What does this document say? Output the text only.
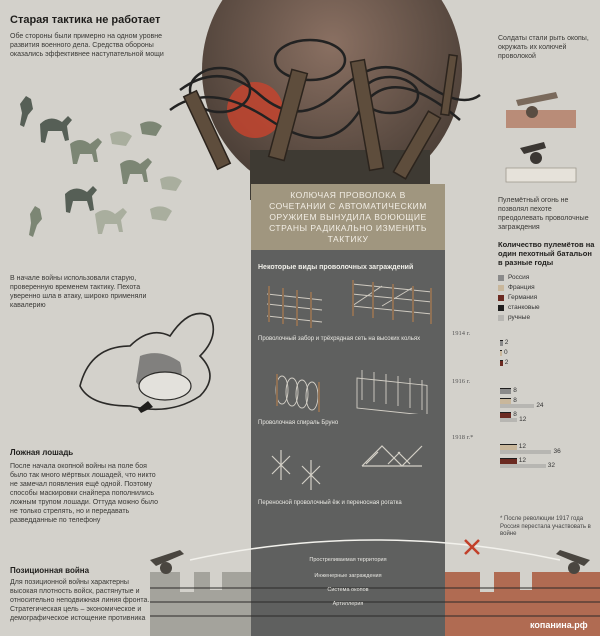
Старая тактика не работает
Обе стороны были примерно на одном уровне развития военного дела. Средства обороны оказались эффективнее наступательной мощи
В начале войны использовали старую, проверенную временем тактику. Пехота уверенно шла в атаку, широко применяли кавалерию
Ложная лошадь
После начала окопной войны на поле боя было так много мёртвых лошадей, что никто не замечал появления ещё одной. Поэтому способы маскировки снайпера пополнились ложным трупом лошади. Оттуда можно было не только стрелять, но и передавать разведданные по телефону
Позиционная война
Для позиционной войны характерны высокая плотность войск, растянутые и относительно неподвижная линия фронта. Стратегическая цель – экономическое и демографическое истощение противника
КОЛЮЧАЯ ПРОВОЛОКА В СОЧЕТАНИИ С АВТОМАТИЧЕСКИМ ОРУЖИЕМ ВЫНУДИЛА ВОЮЮЩИЕ СТРАНЫ РАДИКАЛЬНО ИЗМЕНИТЬ ТАКТИКУ
Некоторые виды проволочных заграждений
Проволочный забор и трёхрядная сеть на высоких кольях
Проволочная спираль Бруно
Переносной проволочный ёж и переносная рогатка
Солдаты стали рыть окопы, окружать их колючей проволокой
Пулемётный огонь не позволял пехоте преодолевать проволочные заграждения
Количество пулемётов на один пехотный батальон в разные годы
Россия
Франция
Германия
станковые
ручные
1914 г.
2
0
2
1916 г.
8
24
8
12
8
1918 г.*
36
12
32
12
* После революции 1917 года Россия перестала участвовать в войне
Простреливаемая территория
Инженерные заграждения
Система окопов
Артиллерия
копанина.рф
